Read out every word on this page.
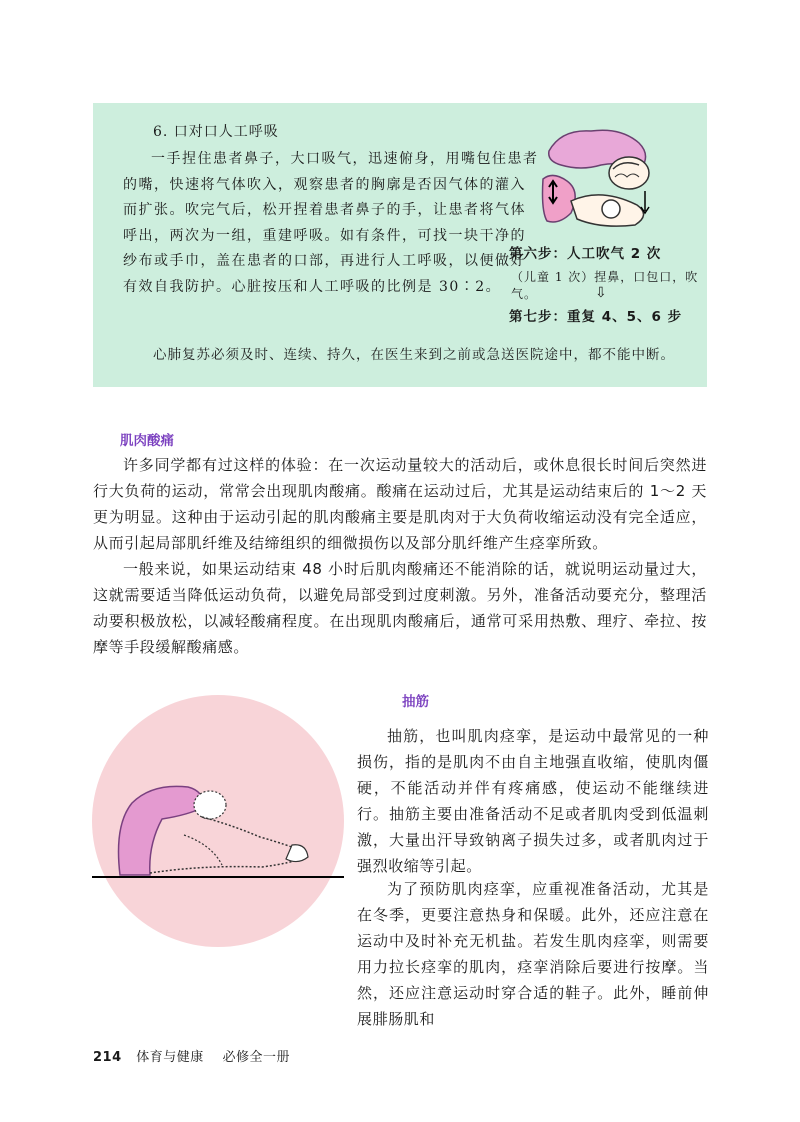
6. 口对口人工呼吸
一手捏住患者鼻子，大口吸气，迅速俯身，用嘴包住患者的嘴，快速将气体吹入，观察患者的胸廓是否因气体的灌入而扩张。吹完气后，松开捏着患者鼻子的手，让患者将气体呼出，两次为一组，重建呼吸。如有条件，可找一块干净的纱布或手巾，盖在患者的口部，再进行人工呼吸，以便做好有效自我防护。心脏按压和人工呼吸的比例是 30∶2。
第六步：人工吹气 2 次
（儿童 1 次）捏鼻，口包口，吹气。	⇩
第七步：重复 4、5、6 步
心肺复苏必须及时、连续、持久，在医生来到之前或急送医院途中，都不能中断。
肌肉酸痛
许多同学都有过这样的体验：在一次运动量较大的活动后，或休息很长时间后突然进行大负荷的运动，常常会出现肌肉酸痛。酸痛在运动过后，尤其是运动结束后的 1～2 天更为明显。这种由于运动引起的肌肉酸痛主要是肌肉对于大负荷收缩运动没有完全适应，从而引起局部肌纤维及结缔组织的细微损伤以及部分肌纤维产生痉挛所致。
一般来说，如果运动结束 48 小时后肌肉酸痛还不能消除的话，就说明运动量过大，这就需要适当降低运动负荷，以避免局部受到过度刺激。另外，准备活动要充分，整理活动要积极放松，以减轻酸痛程度。在出现肌肉酸痛后，通常可采用热敷、理疗、牵拉、按摩等手段缓解酸痛感。
抽筋
抽筋，也叫肌肉痉挛，是运动中最常见的一种损伤，指的是肌肉不由自主地强直收缩，使肌肉僵硬，不能活动并伴有疼痛感，使运动不能继续进行。抽筋主要由准备活动不足或者肌肉受到低温刺激，大量出汗导致钠离子损失过多，或者肌肉过于强烈收缩等引起。
为了预防肌肉痉挛，应重视准备活动，尤其是在冬季，更要注意热身和保暖。此外，还应注意在运动中及时补充无机盐。若发生肌肉痉挛，则需要用力拉长痉挛的肌肉，痉挛消除后要进行按摩。当然，还应注意运动时穿合适的鞋子。此外，睡前伸展腓肠肌和
214 体育与健康 必修全一册
